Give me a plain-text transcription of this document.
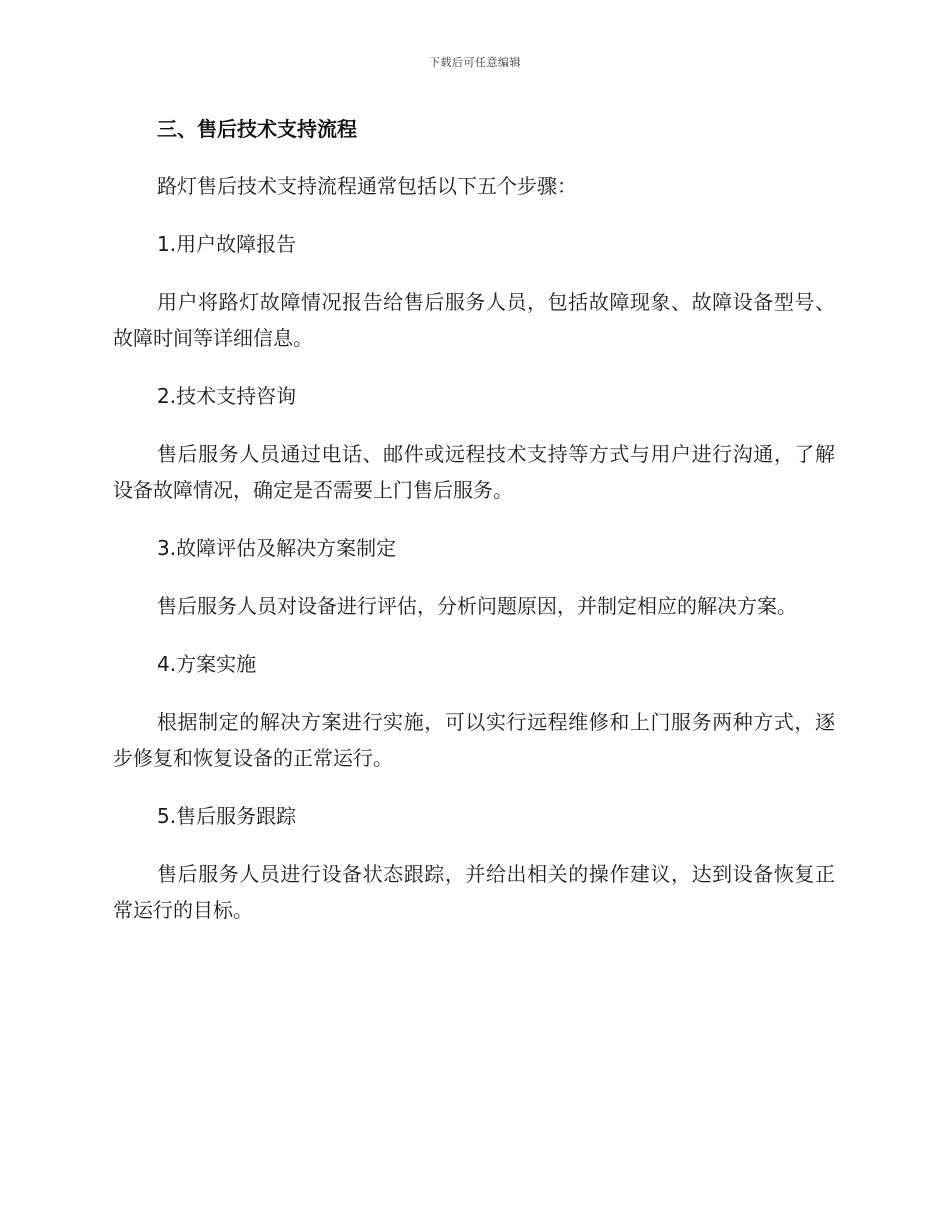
下载后可任意编辑
三、售后技术支持流程
路灯售后技术支持流程通常包括以下五个步骤：
1.用户故障报告
用户将路灯故障情况报告给售后服务人员，包括故障现象、故障设备型号、故障时间等详细信息。
2.技术支持咨询
售后服务人员通过电话、邮件或远程技术支持等方式与用户进行沟通，了解设备故障情况，确定是否需要上门售后服务。
3.故障评估及解决方案制定
售后服务人员对设备进行评估，分析问题原因，并制定相应的解决方案。
4.方案实施
根据制定的解决方案进行实施，可以实行远程维修和上门服务两种方式，逐步修复和恢复设备的正常运行。
5.售后服务跟踪
售后服务人员进行设备状态跟踪，并给出相关的操作建议，达到设备恢复正常运行的目标。
